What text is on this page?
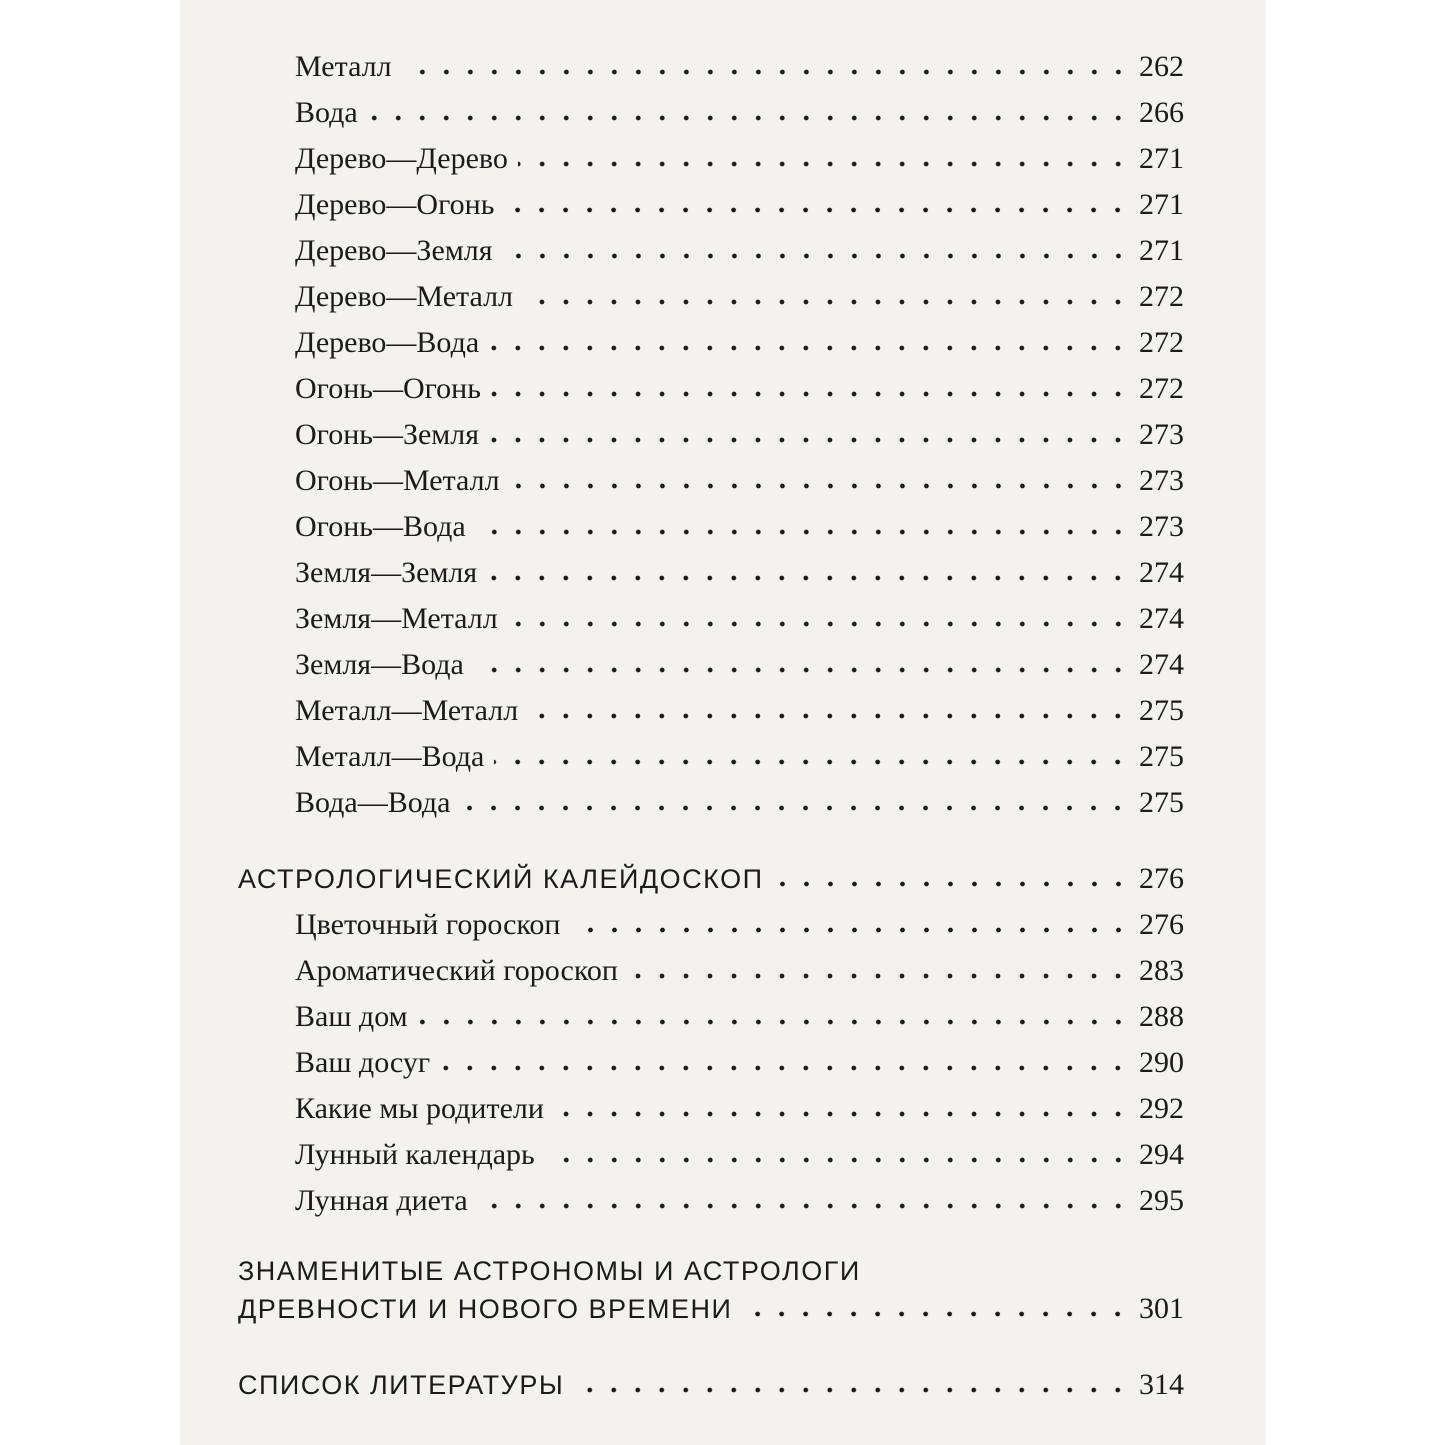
Металл	262
Вода	266
Дерево—Дерево	271
Дерево—Огонь	271
Дерево—Земля	271
Дерево—Металл	272
Дерево—Вода	272
Огонь—Огонь	272
Огонь—Земля	273
Огонь—Металл	273
Огонь—Вода	273
Земля—Земля	274
Земля—Металл	274
Земля—Вода	274
Металл—Металл	275
Металл—Вода	275
Вода—Вода	275
АСТРОЛОГИЧЕСКИЙ КАЛЕЙДОСКОП	276
Цветочный гороскоп	276
Ароматический гороскоп	283
Ваш дом	288
Ваш досуг	290
Какие мы родители	292
Лунный календарь	294
Лунная диета	295
ЗНАМЕНИТЫЕ АСТРОНОМЫ И АСТРОЛОГИ
ДРЕВНОСТИ И НОВОГО ВРЕМЕНИ	301
СПИСОК ЛИТЕРАТУРЫ	314
